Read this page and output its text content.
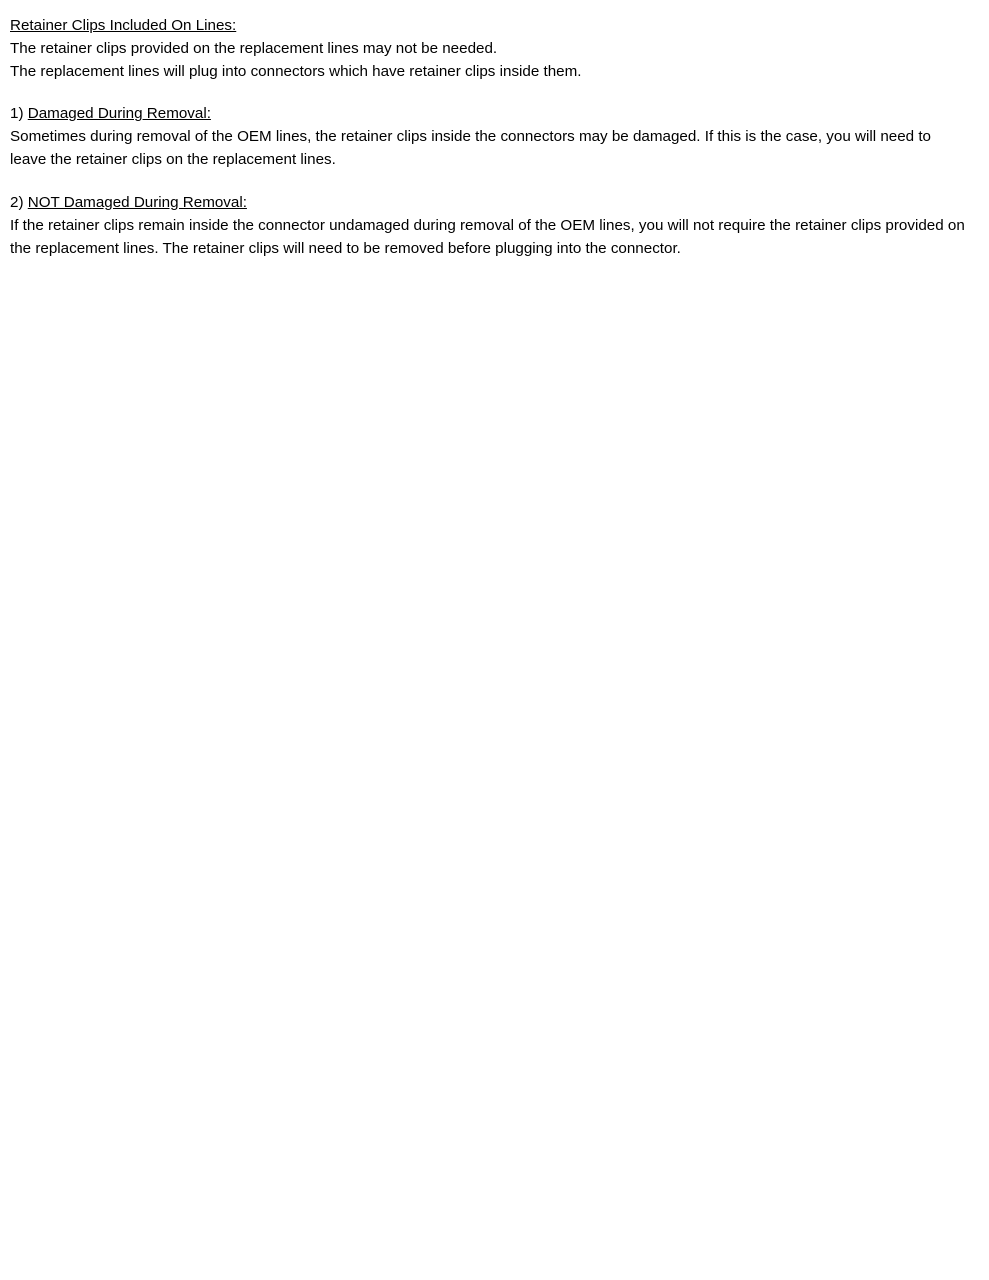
Retainer Clips Included On Lines:

The retainer clips provided on the replacement lines may not be needed.

The replacement lines will plug into connectors which have retainer clips inside them.

1) Damaged During Removal:

Sometimes during removal of the OEM lines, the retainer clips inside the connectors may be damaged. If this is the case, you will need to leave the retainer clips on the replacement lines.

2) NOT Damaged During Removal:

If the retainer clips remain inside the connector undamaged during removal of the OEM lines, you will not require the retainer clips provided on the replacement lines. The retainer clips will need to be removed before plugging into the connector.
